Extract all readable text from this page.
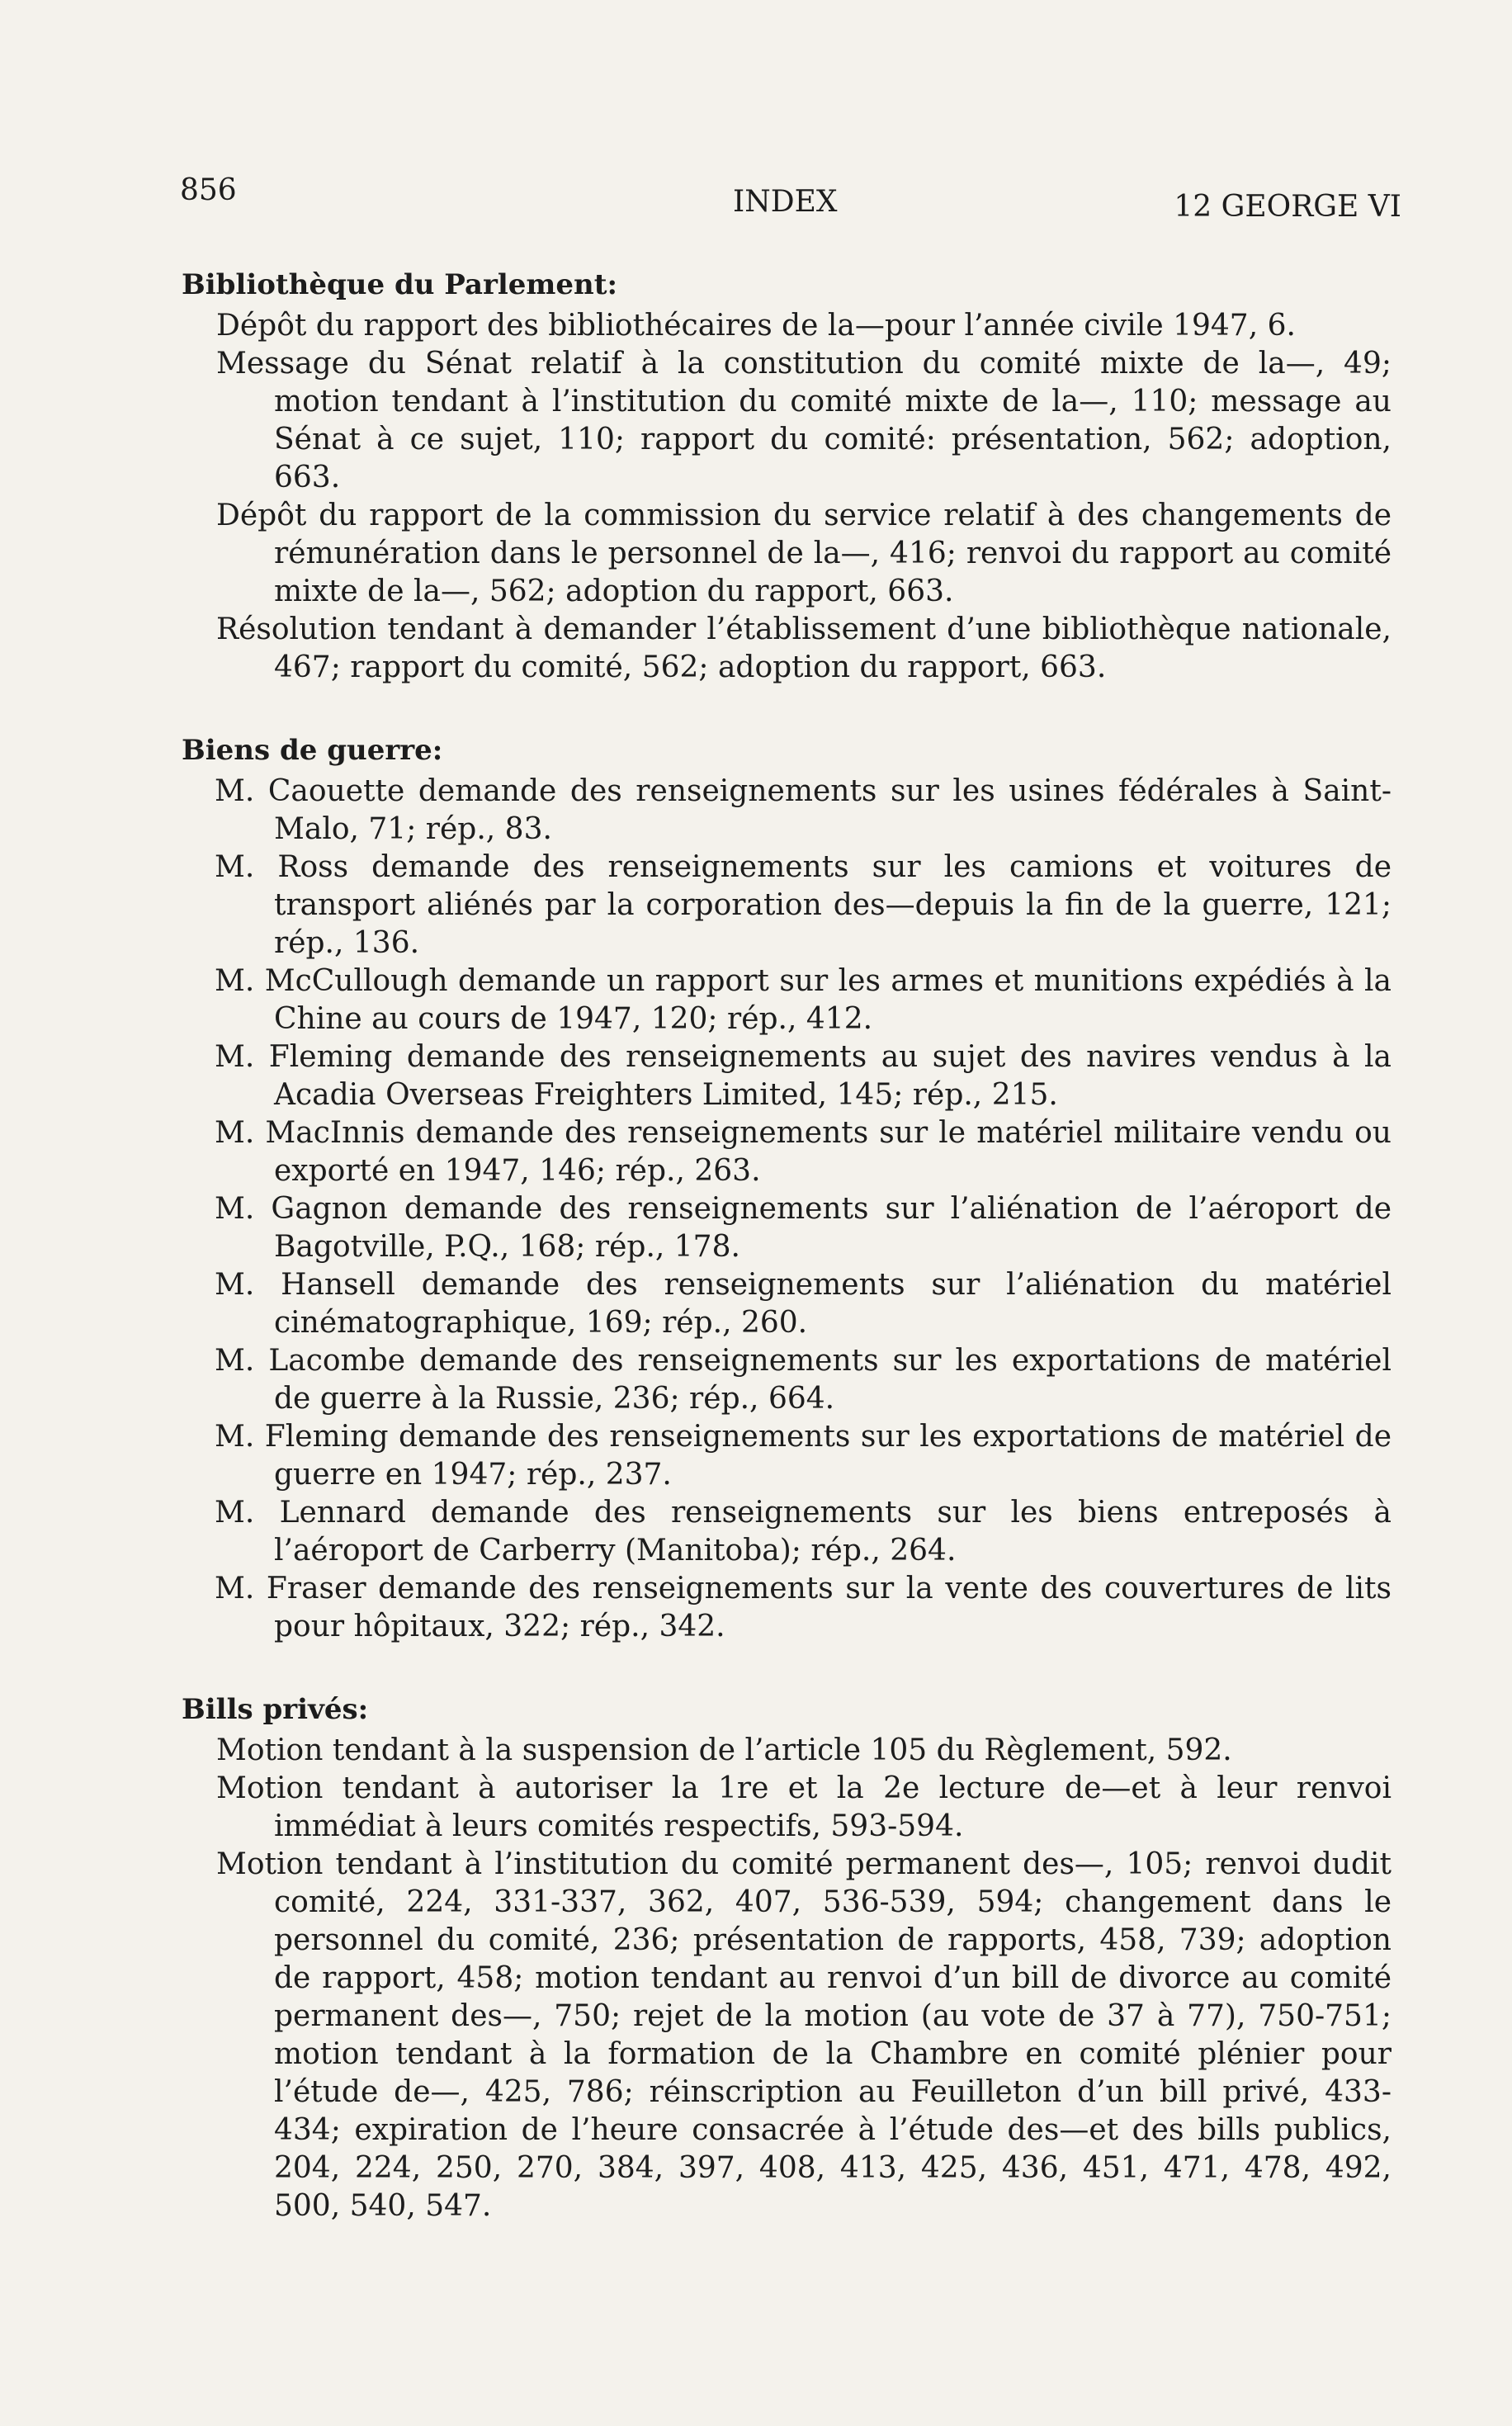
856	INDEX	12 GEORGE VI
Bibliothèque du Parlement:
Dépôt du rapport des bibliothécaires de la—pour l’année civile 1947, 6.
Message du Sénat relatif à la constitution du comité mixte de la—, 49; motion tendant à l’institution du comité mixte de la—, 110; message au Sénat à ce sujet, 110; rapport du comité: présentation, 562; adoption, 663.
Dépôt du rapport de la commission du service relatif à des changements de rémunération dans le personnel de la—, 416; renvoi du rapport au comité mixte de la—, 562; adoption du rapport, 663.
Résolution tendant à demander l’établissement d’une bibliothèque nationale, 467; rapport du comité, 562; adoption du rapport, 663.
Biens de guerre:
M. Caouette demande des renseignements sur les usines fédérales à Saint-Malo, 71; rép., 83.
M. Ross demande des renseignements sur les camions et voitures de transport aliénés par la corporation des—depuis la fin de la guerre, 121; rép., 136.
M. McCullough demande un rapport sur les armes et munitions expédiés à la Chine au cours de 1947, 120; rép., 412.
M. Fleming demande des renseignements au sujet des navires vendus à la Acadia Overseas Freighters Limited, 145; rép., 215.
M. MacInnis demande des renseignements sur le matériel militaire vendu ou exporté en 1947, 146; rép., 263.
M. Gagnon demande des renseignements sur l’aliénation de l’aéroport de Bagotville, P.Q., 168; rép., 178.
M. Hansell demande des renseignements sur l’aliénation du matériel cinématographique, 169; rép., 260.
M. Lacombe demande des renseignements sur les exportations de matériel de guerre à la Russie, 236; rép., 664.
M. Fleming demande des renseignements sur les exportations de matériel de guerre en 1947; rép., 237.
M. Lennard demande des renseignements sur les biens entreposés à l’aéroport de Carberry (Manitoba); rép., 264.
M. Fraser demande des renseignements sur la vente des couvertures de lits pour hôpitaux, 322; rép., 342.
Bills privés:
Motion tendant à la suspension de l’article 105 du Règlement, 592.
Motion tendant à autoriser la 1re et la 2e lecture de—et à leur renvoi immédiat à leurs comités respectifs, 593-594.
Motion tendant à l’institution du comité permanent des—, 105; renvoi dudit comité, 224, 331-337, 362, 407, 536-539, 594; changement dans le personnel du comité, 236; présentation de rapports, 458, 739; adoption de rapport, 458; motion tendant au renvoi d’un bill de divorce au comité permanent des—, 750; rejet de la motion (au vote de 37 à 77), 750-751; motion tendant à la formation de la Chambre en comité plénier pour l’étude de—, 425, 786; réinscription au Feuilleton d’un bill privé, 433-434; expiration de l’heure consacrée à l’étude des—et des bills publics, 204, 224, 250, 270, 384, 397, 408, 413, 425, 436, 451, 471, 478, 492, 500, 540, 547.
